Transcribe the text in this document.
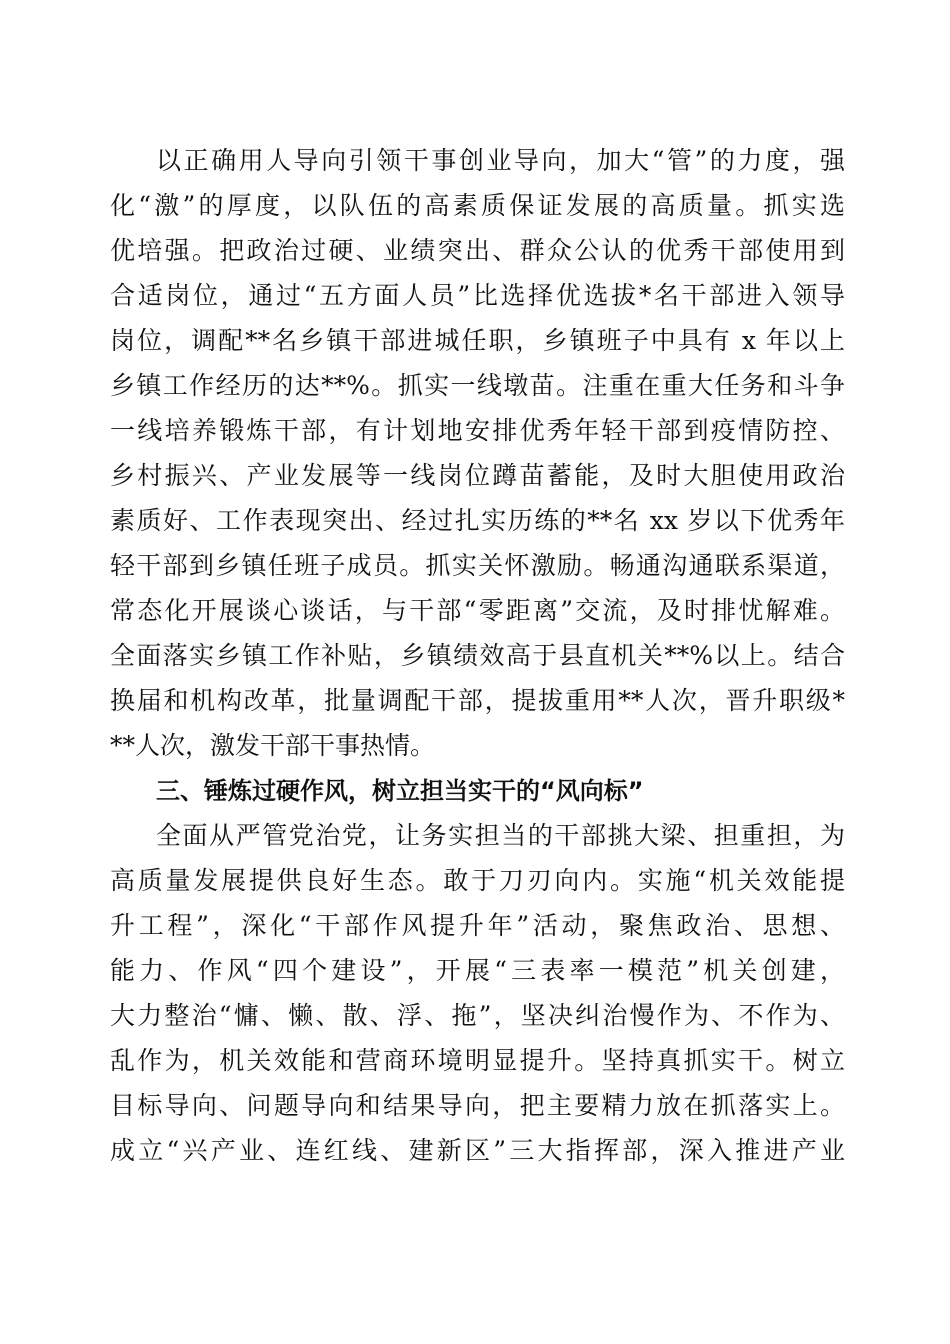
以正确用人导向引领干事创业导向，加大“管”的力度，强
化“激”的厚度，以队伍的高素质保证发展的高质量。抓实选
优培强。把政治过硬、业绩突出、群众公认的优秀干部使用到
合适岗位，通过“五方面人员”比选择优选拔*名干部进入领导
岗位，调配**名乡镇干部进城任职，乡镇班子中具有 x 年以上
乡镇工作经历的达**%。抓实一线墩苗。注重在重大任务和斗争
一线培养锻炼干部，有计划地安排优秀年轻干部到疫情防控、
乡村振兴、产业发展等一线岗位蹲苗蓄能，及时大胆使用政治
素质好、工作表现突出、经过扎实历练的**名 xx 岁以下优秀年
轻干部到乡镇任班子成员。抓实关怀激励。畅通沟通联系渠道，
常态化开展谈心谈话，与干部“零距离”交流，及时排忧解难。
全面落实乡镇工作补贴，乡镇绩效高于县直机关**%以上。结合
换届和机构改革，批量调配干部，提拔重用**人次，晋升职级*
**人次，激发干部干事热情。
三、锤炼过硬作风，树立担当实干的“风向标”
全面从严管党治党，让务实担当的干部挑大梁、担重担，为
高质量发展提供良好生态。敢于刀刃向内。实施“机关效能提
升工程”，深化“干部作风提升年”活动，聚焦政治、思想、
能力、作风“四个建设”，开展“三表率一模范”机关创建，
大力整治“慵、懒、散、浮、拖”，坚决纠治慢作为、不作为、
乱作为，机关效能和营商环境明显提升。坚持真抓实干。树立
目标导向、问题导向和结果导向，把主要精力放在抓落实上。
成立“兴产业、连红线、建新区”三大指挥部，深入推进产业
